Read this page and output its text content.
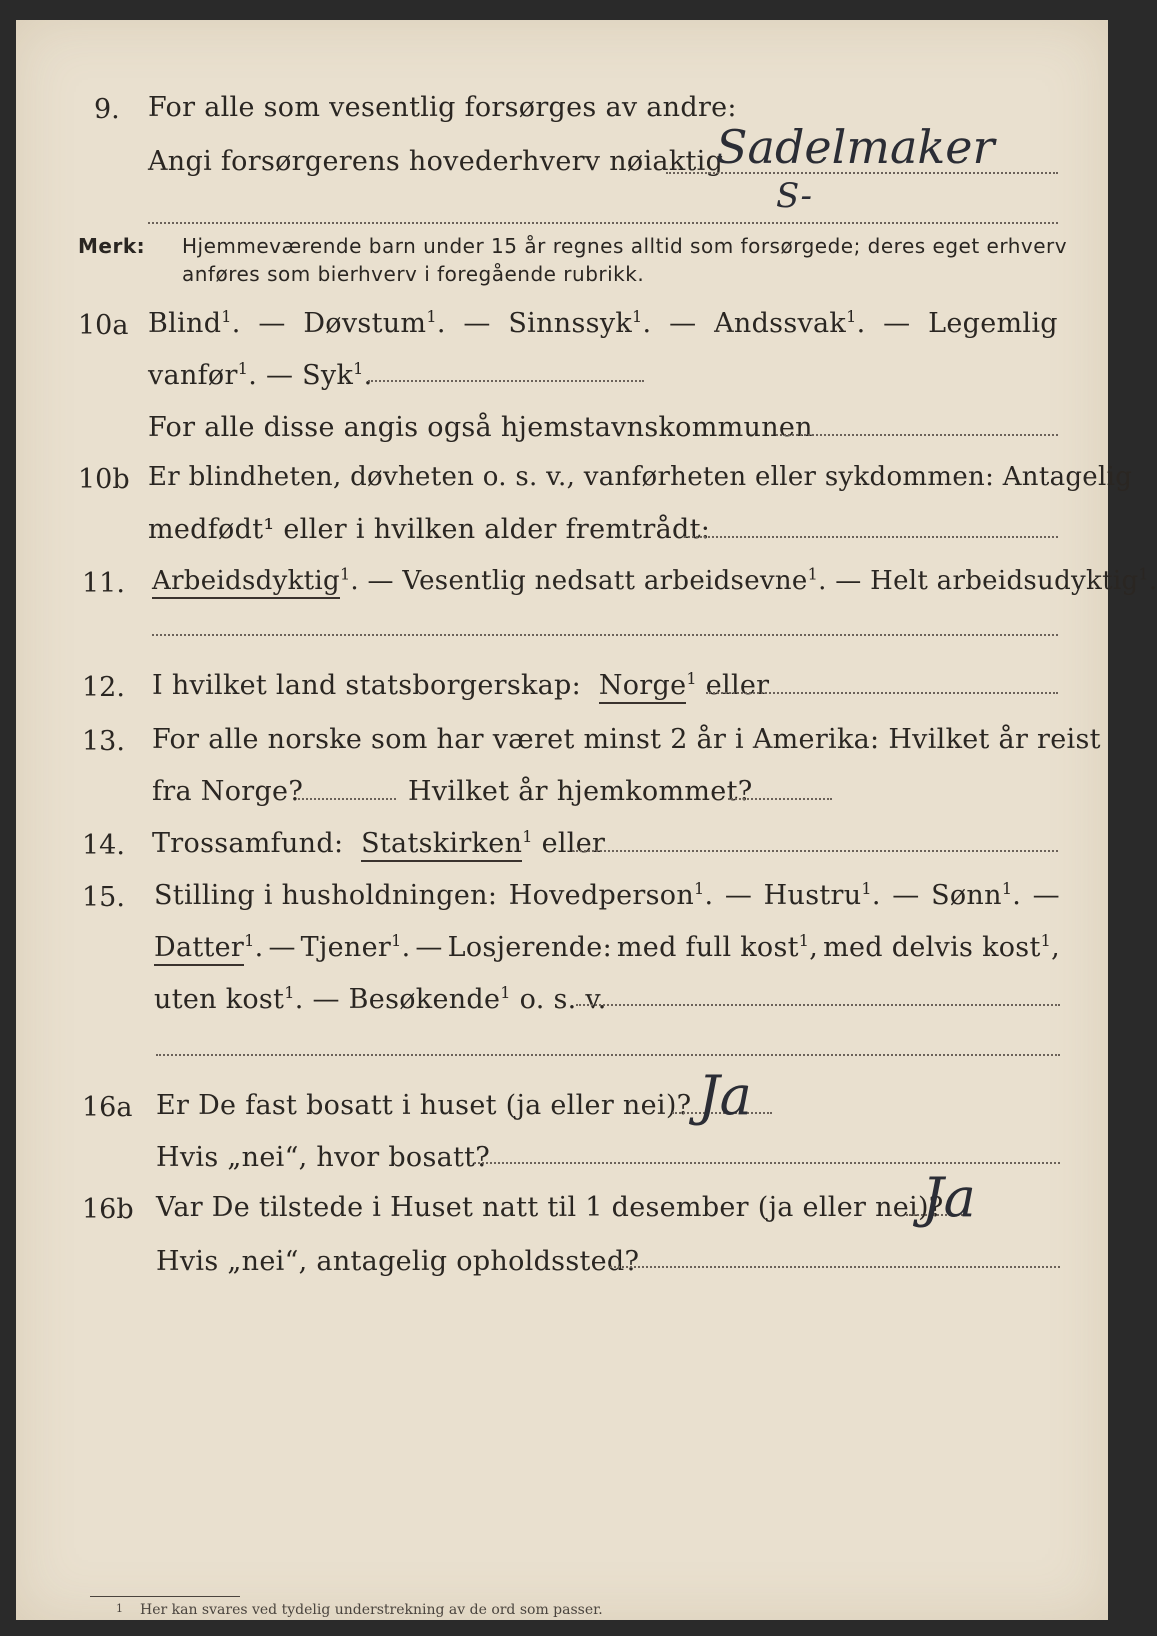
9. For alle som vesentlig forsørges av andre:
Angi forsørgerens hovederhverv nøiaktig
Sadelmaker
S-
Merk: Hjemmeværende barn under 15 år regnes alltid som forsørgede; deres eget erhverv
anføres som bierhverv i foregående rubrikk.
10a Blind$^1$. — Døvstum$^1$. — Sinnssyk$^1$. — Andssvak$^1$. — Legemlig
vanfør$^1$. — Syk$^1$.
For alle disse angis også hjemstavnskommunen
10b Er blindheten, døvheten o. s. v., vanførheten eller sykdommen: Antagelig
medfødt¹ eller i hvilken alder fremtrådt:
11. Arbeidsdyktig$^1$. — Vesentlig nedsatt arbeidsevne$^1$. — Helt arbeidsudyktig$^1$.
12. I hvilket land statsborgerskap: Norge$^1$ eller
13. For alle norske som har været minst 2 år i Amerika: Hvilket år reist
fra Norge?	Hvilket år hjemkommet?
14. Trossamfund: Statskirken$^1$ eller
15. Stilling i husholdningen: Hovedperson$^1$. — Hustru$^1$. — Sønn$^1$. —
Datter$^1$. — Tjener$^1$. — Losjerende: med full kost$^1$, med delvis kost$^1$,
uten kost$^1$. — Besøkende$^1$ o. s. v.
16a Er De fast bosatt i huset (ja eller nei)? Ja
Hvis „nei“, hvor bosatt?
16b Var De tilstede i Huset natt til 1 desember (ja eller nei)?
Ja
Hvis „nei“, antagelig opholdssted?
1 Her kan svares ved tydelig understrekning av de ord som passer.
